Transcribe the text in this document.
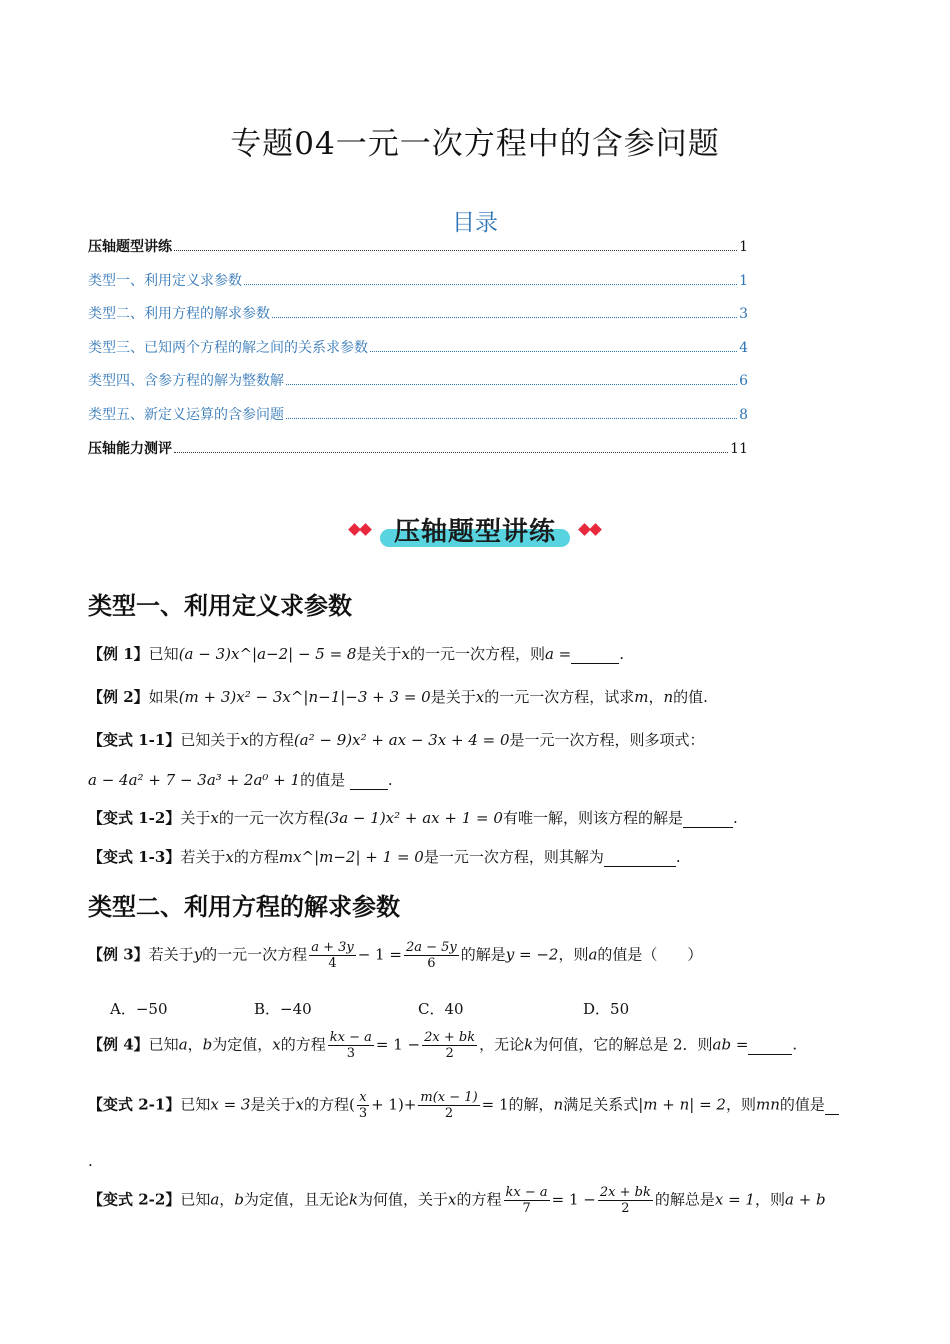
专题04一元一次方程中的含参问题
目录
压轴题型讲练	1
类型一、利用定义求参数	1
类型二、利用方程的解求参数	3
类型三、已知两个方程的解之间的关系求参数	4
类型四、含参方程的解为整数解	6
类型五、新定义运算的含参问题	8
压轴能力测评	11
压轴题型讲练
类型一、利用定义求参数
【例 1】已知(a − 3)x^|a−2| − 5 = 8是关于x的一元一次方程，则a =	.
【例 2】如果(m + 3)x² − 3x^|n−1|−3 + 3 = 0是关于x的一元一次方程，试求m，n的值.
【变式 1-1】已知关于x的方程(a² − 9)x² + ax − 3x + 4 = 0是一元一次方程，则多项式：
a − 4a² + 7 − 3a³ + 2a⁰ + 1的值是	.
【变式 1-2】关于x的一元一次方程(3a − 1)x² + ax + 1 = 0有唯一解，则该方程的解是	.
【变式 1-3】若关于x的方程mx^|m−2| + 1 = 0是一元一次方程，则其解为	.
类型二、利用方程的解求参数
【例 3】若关于y的一元一次方程 $\frac{a + 3y}{4} - 1 = \frac{2a - 5y}{6}$ 的解是y = −2，则a的值是（　　）
A．−50	B．−40	C．40	D．50
【例 4】已知a，b为定值，x的方程 $\frac{kx - a}{3} = 1 - \frac{2x + bk}{2}$ ，无论k为何值，它的解总是 2．则ab =	.
【变式 2-1】已知x = 3是关于x的方程( $\frac{x}{3} + 1)+ \frac{m(x - 1)}{2} = 1$的解，n满足关系式|m + n| = 2，则mn的值是
.
【变式 2-2】已知a，b为定值，且无论k为何值，关于x的方程 $\frac{kx - a}{7} = 1 - \frac{2x + bk}{2}$ 的解总是x = 1，则a + b
